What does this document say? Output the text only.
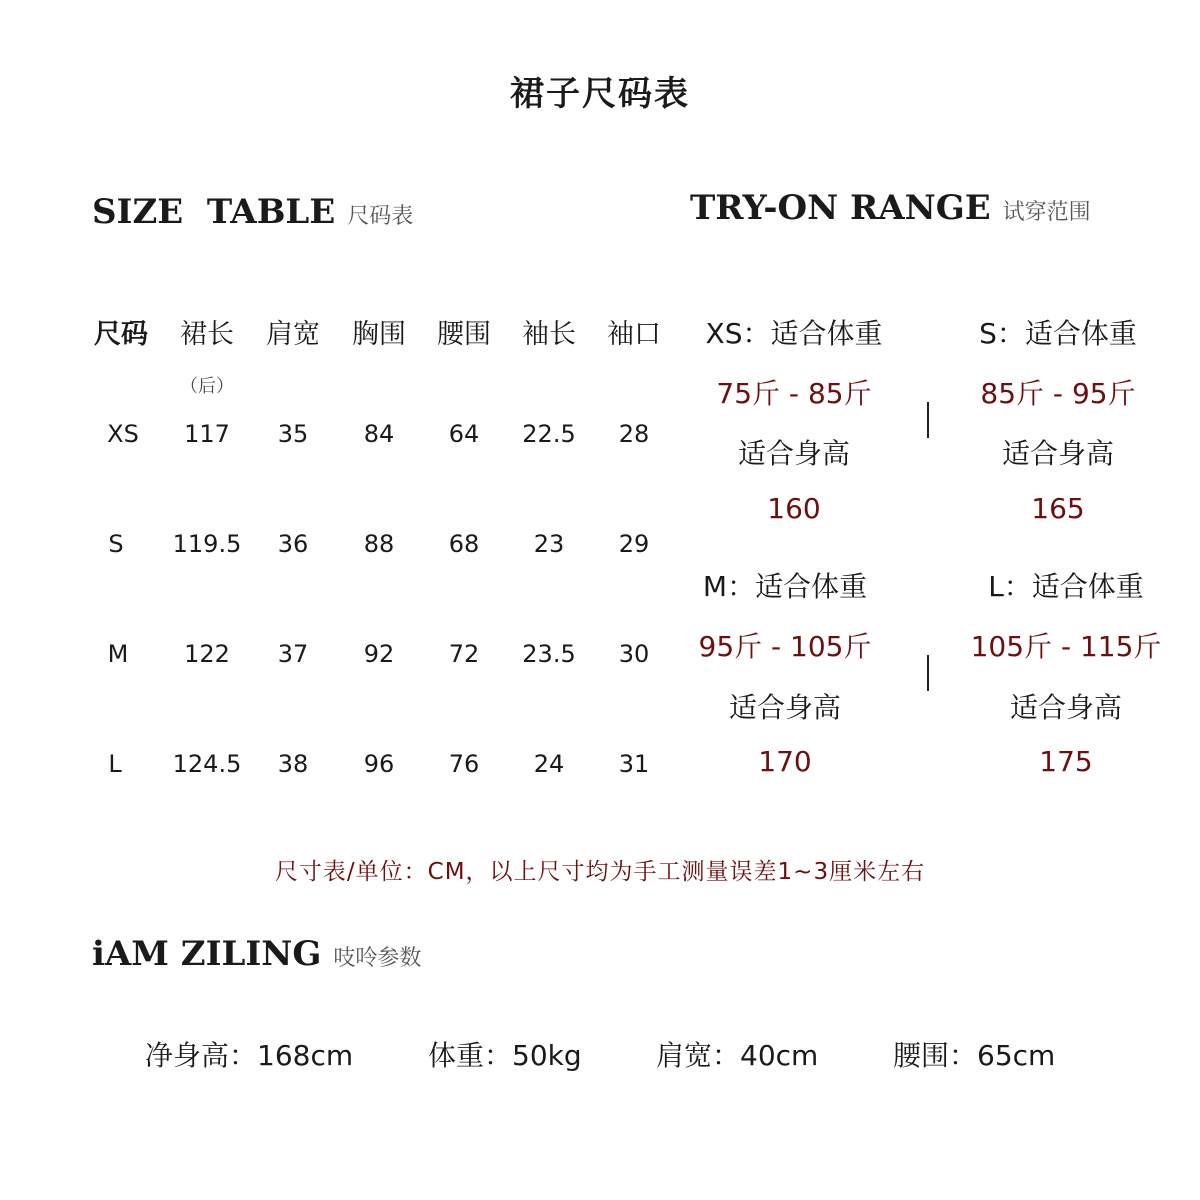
裙子尺码表
SIZE  TABLE 尺码表	TRY-ON RANGE 试穿范围
尺码	裙长	肩宽	胸围	腰围	袖长	袖口
（后）
XS	117	35	84	64	22.5	28
S	119.5	36	88	68	23	29
M	122	37	92	72	23.5	30
L	124.5	38	96	76	24	31
XS：适合体重
75斤 - 85斤
适合身高
160
S：适合体重
85斤 - 95斤
适合身高
165
M：适合体重
95斤 - 105斤
适合身高
170
L：适合体重
105斤 - 115斤
适合身高
175
尺寸表/单位：CM，以上尺寸均为手工测量误差1~3厘米左右
iAM ZILING 吱呤参数
净身高：168cm	体重：50kg	肩宽：40cm	腰围：65cm
